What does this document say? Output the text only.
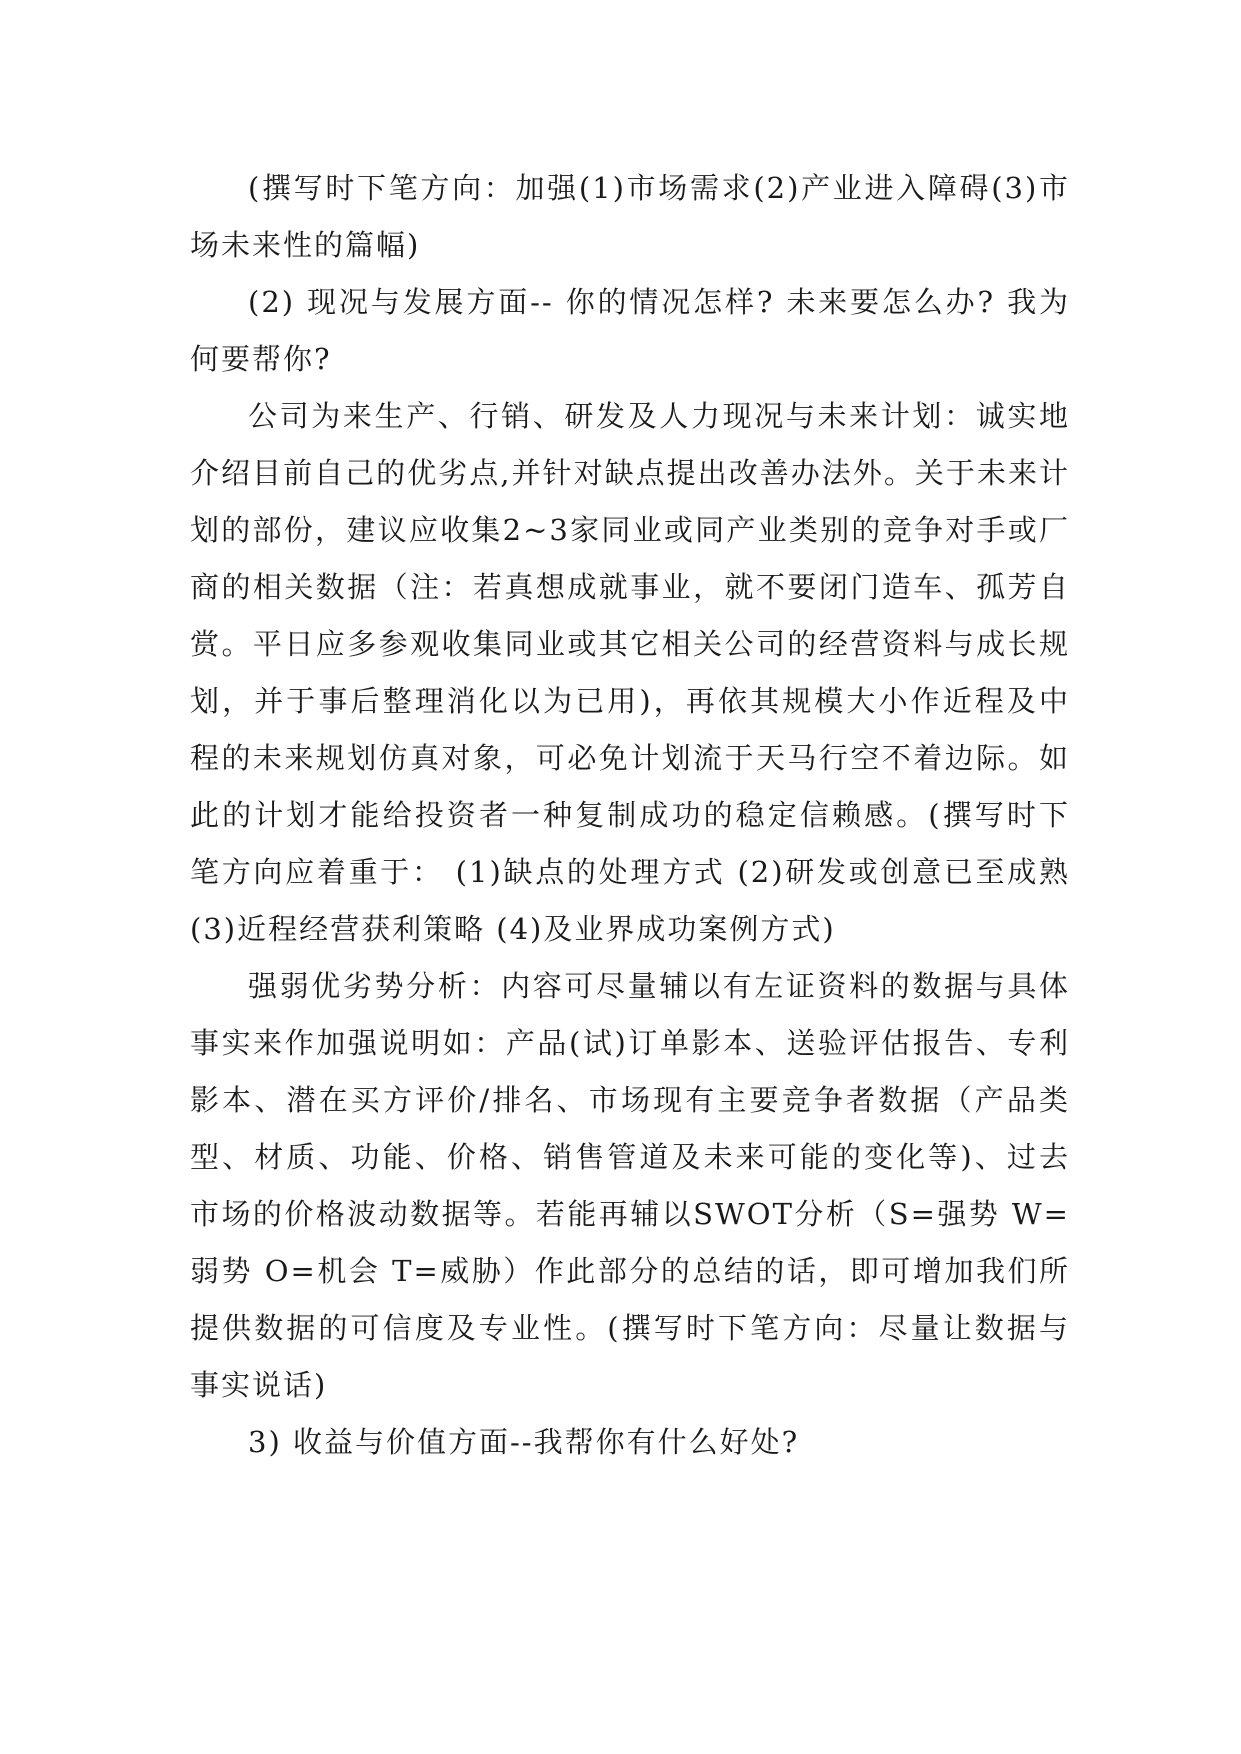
(撰写时下笔方向：加强(1)市场需求(2)产业进入障碍(3)市场未来性的篇幅)

(2) 现况与发展方面-- 你的情况怎样? 未来要怎么办? 我为何要帮你?

公司为来生产、行销、研发及人力现况与未来计划：诚实地介绍目前自己的优劣点,并针对缺点提出改善办法外。关于未来计划的部份，建议应收集2~3家同业或同产业类别的竞争对手或厂商的相关数据（注：若真想成就事业，就不要闭门造车、孤芳自赏。平日应多参观收集同业或其它相关公司的经营资料与成长规划，并于事后整理消化以为已用)，再依其规模大小作近程及中程的未来规划仿真对象，可必免计划流于天马行空不着边际。如此的计划才能给投资者一种复制成功的稳定信赖感。(撰写时下笔方向应着重于： (1)缺点的处理方式 (2)研发或创意已至成熟 (3)近程经营获利策略 (4)及业界成功案例方式)

强弱优劣势分析：内容可尽量辅以有左证资料的数据与具体事实来作加强说明如：产品(试)订单影本、送验评估报告、专利影本、潜在买方评价/排名、市场现有主要竞争者数据（产品类型、材质、功能、价格、销售管道及未来可能的变化等)、过去市场的价格波动数据等。若能再辅以SWOT分析（S=强势 W=弱势 O=机会 T=威胁）作此部分的总结的话，即可增加我们所提供数据的可信度及专业性。(撰写时下笔方向：尽量让数据与事实说话)

3) 收益与价值方面--我帮你有什么好处?
